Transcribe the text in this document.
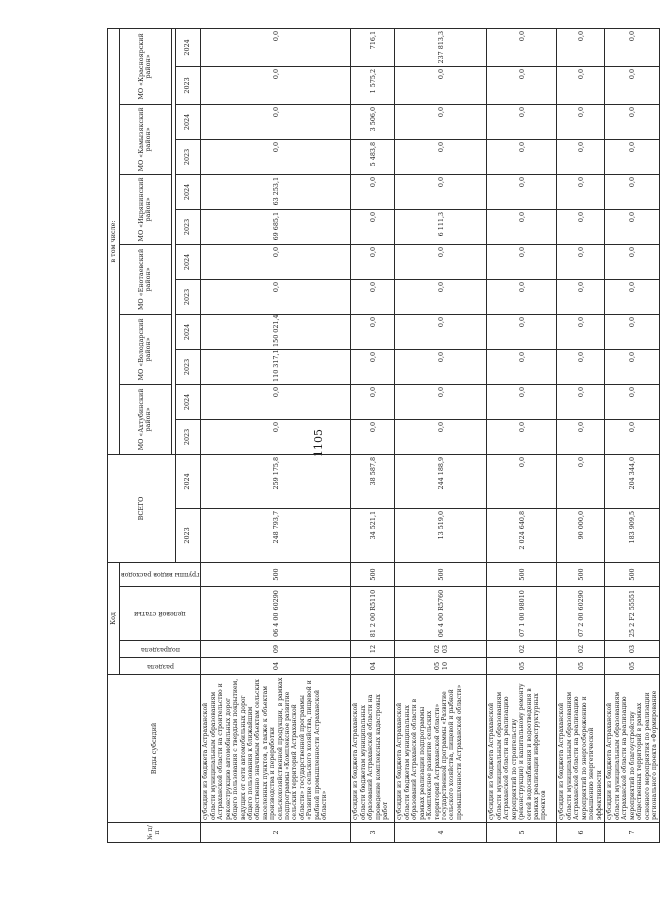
1105
№ п/п	Виды субсидий	Код				ВСЕГО		в том числе:											

		раздела	подраздела	целевой статьи	группы видов расходов			МО «Ахтубинский район»		МО «Володарский район»		МО «Енотаевский район»		МО «Икрянинский район»		МО «Камызякский район»		МО «Красноярский район»	

						2023	2024	2023	2024	2023	2024	2023	2024	2023	2024	2023	2024	2023	2024
2	субсидии из бюджета Астраханской области муниципальным образованиям Астраханской области на строительство и реконструкцию автомобильных дорог общего пользования с твердым покрытием, ведущих от сети автомобильных дорог общего пользования к ближайшим общественно значимым объектам сельских населенных пунктов, а также к объектам производства и переработки сельскохозяйственной продукции, в рамках подпрограммы «Комплексное развитие сельских территорий Астраханской области» государственной программы «Развитие сельского хозяйства, пищевой и рыбной промышленности Астраханской области»	04	09	06 4 00 60290	500	248 793,7	259 175,8	0,0	0,0	110 317,1	150 021,4	0,0	0,0	69 685,1	63 253,1	0,0	0,0	0,0	0,0
3	субсидии из бюджета Астраханской области бюджетам муниципальных образований Астраханской области на проведение комплексных кадастровых работ	04	12	81 2 00 R5110	500	34 521,1	38 587,8	0,0	0,0	0,0	0,0	0,0	0,0	0,0	0,0	5 483,8	3 506,0	1 575,2	716,1
4	субсидии из бюджета Астраханской области бюджетам муниципальных образований Астраханской области в рамках реализации подпрограммы «Комплексное развитие сельских территорий Астраханской области» государственной программы «Развитие сельского хозяйства, пищевой и рыбной промышленности Астраханской области»	05 10	02 03	06 4 00 R5760	500	13 519,0	244 188,9	0,0	0,0	0,0	0,0	0,0	0,0	6 111,3	0,0	0,0	0,0	0,0	237 813,3
5	субсидии из бюджета Астраханской области муниципальным образованиям Астраханской области на реализацию мероприятий по строительству (реконструкции) и капитальному ремонту сетей водоснабжения и водоотведения в рамках реализации инфраструктурных проектов	05	02	07 1 00 98010	500	2 024 640,8	0,0	0,0	0,0	0,0	0,0	0,0	0,0	0,0	0,0	0,0	0,0	0,0	0,0
6	субсидии из бюджета Астраханской области муниципальным образованиям Астраханской области на реализацию мероприятий по энергосбережению и повышению энергетической эффективности	05	02	07 2 00 60290	500	90 000,0	0,0	0,0	0,0	0,0	0,0	0,0	0,0	0,0	0,0	0,0	0,0	0,0	0,0
7	субсидии из бюджета Астраханской области муниципальным образованиям Астраханской области на реализацию мероприятий по благоустройству общественных территорий в рамках основного мероприятия по реализации регионального проекта «Формирование	05	03	25 2 F2 55551	500	183 909,5	204 344,0	0,0	0,0	0,0	0,0	0,0	0,0	0,0	0,0	0,0	0,0	0,0	0,0
